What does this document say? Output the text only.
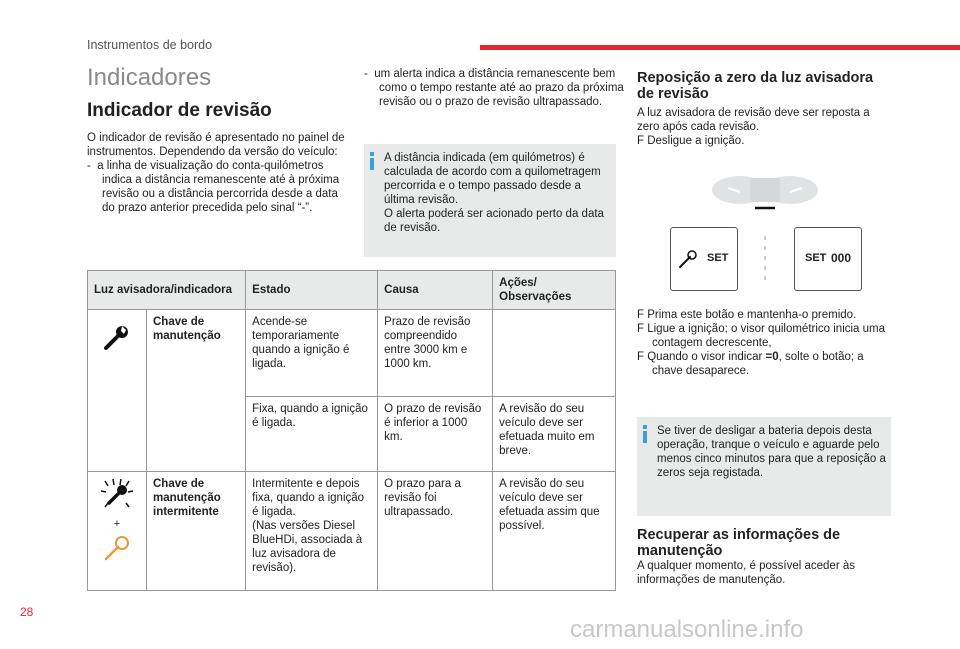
Instrumentos de bordo
Indicadores
Indicador de revisão
O indicador de revisão é apresentado no painel de instrumentos. Dependendo da versão do veículo:
-  a linha de visualização do conta-quilómetros indica a distância remanescente até à próxima revisão ou a distância percorrida desde a data do prazo anterior precedida pelo sinal “-”.
-  um alerta indica a distância remanescente bem como o tempo restante até ao prazo da próxima revisão ou o prazo de revisão ultrapassado.
A distância indicada (em quilómetros) é calculada de acordo com a quilometragem percorrida e o tempo passado desde a última revisão.
O alerta poderá ser acionado perto da data de revisão.
Luz avisadora/indicadora		Estado	Causa	Ações/ Observações
	Chave de manutenção	Acende-se temporariamente quando a ignição é ligada.	Prazo de revisão compreendido entre 3000 km e 1000 km.	
		Fixa, quando a ignição é ligada.	O prazo de revisão é inferior a 1000 km.	A revisão do seu veículo deve ser efetuada muito em breve.

+	Chave de manutenção intermitente	Intermitente e depois fixa, quando a ignição é ligada.
(Nas versões Diesel BlueHDi, associada à luz avisadora de revisão).	O prazo para a revisão foi ultrapassado.	A revisão do seu veículo deve ser efetuada assim que possível.
Reposição a zero da luz avisadora de revisão
A luz avisadora de revisão deve ser reposta a zero após cada revisão.
F Desligue a ignição.
SET	SET 000
F Prima este botão e mantenha-o premido.
F Ligue a ignição; o visor quilométrico inicia uma contagem decrescente,
F Quando o visor indicar =0, solte o botão; a chave desaparece.
Se tiver de desligar a bateria depois desta operação, tranque o veículo e aguarde pelo menos cinco minutos para que a reposição a zeros seja registada.
Recuperar as informações de manutenção
A qualquer momento, é possível aceder às informações de manutenção.
28
carmanualsonline.info
